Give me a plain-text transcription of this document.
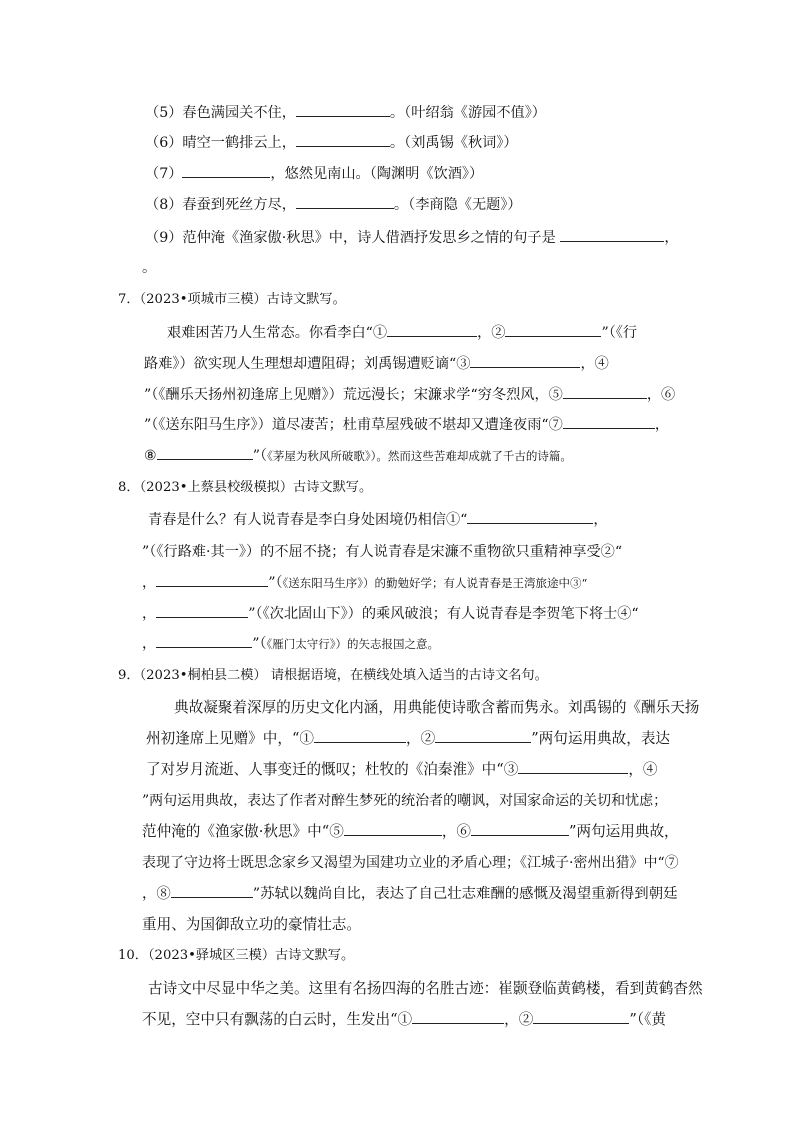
（5）春色满园关不住，	。（叶绍翁《游园不值》）
（6）晴空一鹤排云上，	。（刘禹锡《秋词》）
（7）	，悠然见南山。（陶渊明《饮酒》）
（8）春蚕到死丝方尽，	。（李商隐《无题》）
（9）范仲淹《渔家傲·秋思》中，诗人借酒抒发思乡之情的句子是	，
。
7．（2023•项城市三模）古诗文默写。
艰难困苦乃人生常态。你看李白“①	，②	”（《行
路难》）欲实现人生理想却遭阻碍；刘禹锡遭贬谪“③	，④
”（《酬乐天扬州初逢席上见赠》）荒远漫长；宋濂求学“穷冬烈风，⑤	，⑥
”（《送东阳马生序》）道尽凄苦；杜甫草屋残破不堪却又遭逢夜雨“⑦	，
⑧	”（《茅屋为秋风所破歌》）。然而这些苦难却成就了千古的诗篇。
8．（2023•上蔡县校级模拟）古诗文默写。
青春是什么？有人说青春是李白身处困境仍相信①“	，
”（《行路难·其一》）的不屈不挠；有人说青春是宋濂不重物欲只重精神享受②“
，	”（《送东阳马生序》）的勤勉好学；有人说青春是王湾旅途中③“
，	”（《次北固山下》）的乘风破浪；有人说青春是李贺笔下将士④“
，	”（《雁门太守行》）的矢志报国之意。
9．（2023•桐柏县二模） 请根据语境，在横线处填入适当的古诗文名句。
典故凝聚着深厚的历史文化内涵，用典能使诗歌含蓄而隽永。刘禹锡的《酬乐天扬
州初逢席上见赠》中，“①	，②	”两句运用典故，表达
了对岁月流逝、人事变迁的慨叹；杜牧的《泊秦淮》中“③	，④
”两句运用典故，表达了作者对醉生梦死的统治者的嘲讽，对国家命运的关切和忧虑；
范仲淹的《渔家傲·秋思》中“⑤	，⑥	”两句运用典故，
表现了守边将士既思念家乡又渴望为国建功立业的矛盾心理；《江城子·密州出猎》中“⑦
，⑧	”苏轼以魏尚自比，表达了自己壮志难酬的感慨及渴望重新得到朝廷
重用、为国御敌立功的豪情壮志。
10．（2023•驿城区三模）古诗文默写。
古诗文中尽显中华之美。这里有名扬四海的名胜古迹：崔颢登临黄鹤楼，看到黄鹤杳然
不见，空中只有飘荡的白云时，生发出“①	，②	”（《黄
